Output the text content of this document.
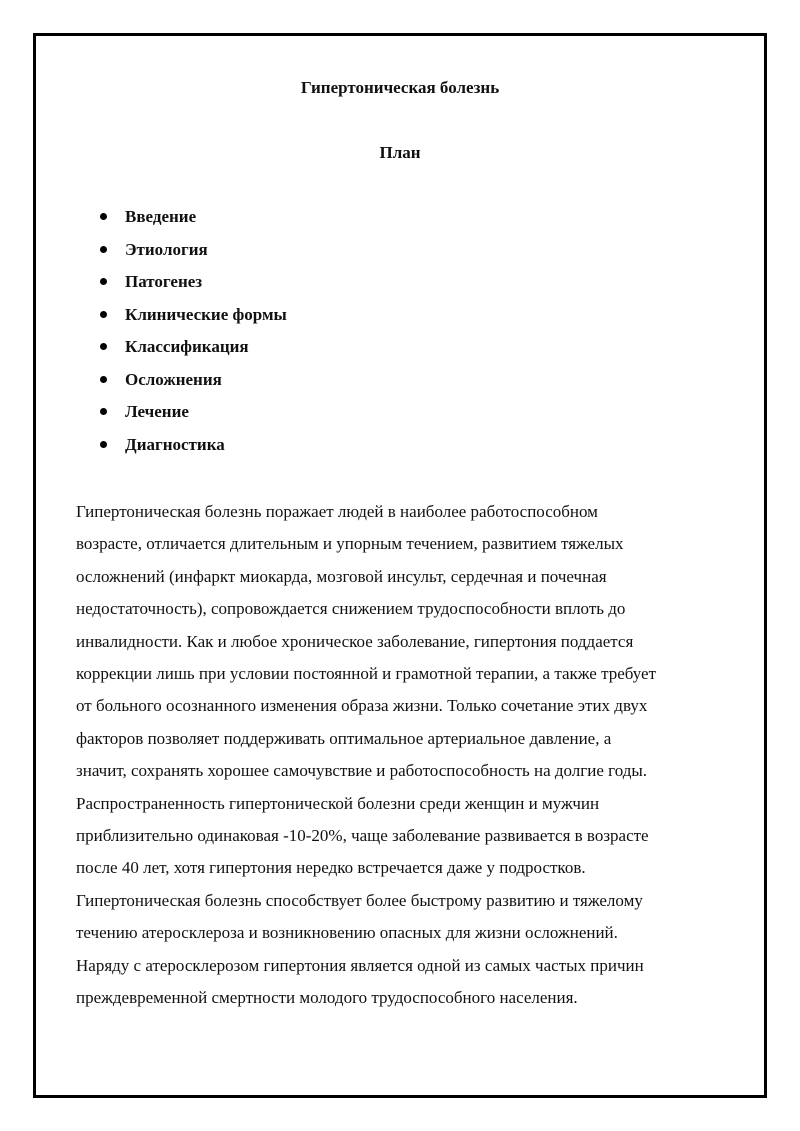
Гипертоническая болезнь
План
Введение
Этиология
Патогенез
Клинические формы
Классификация
Осложнения
Лечение
Диагностика
Гипертоническая болезнь поражает людей в наиболее работоспособном
возрасте, отличается длительным и упорным течением, развитием тяжелых
осложнений (инфаркт миокарда, мозговой инсульт, сердечная и почечная
недостаточность), сопровождается снижением трудоспособности вплоть до
инвалидности. Как и любое хроническое заболевание, гипертония поддается
коррекции лишь при условии постоянной и грамотной терапии, а также требует
от больного осознанного изменения образа жизни. Только сочетание этих двух
факторов позволяет поддерживать оптимальное артериальное давление, а
значит, сохранять хорошее самочувствие и работоспособность на долгие годы.
Распространенность гипертонической болезни среди женщин и мужчин
приблизительно одинаковая -10-20%, чаще заболевание развивается в возрасте
после 40 лет, хотя гипертония нередко встречается даже у подростков.
Гипертоническая болезнь способствует более быстрому развитию и тяжелому
течению атеросклероза и возникновению опасных для жизни осложнений.
Наряду с атеросклерозом гипертония является одной из самых частых причин
преждевременной смертности молодого трудоспособного населения.
